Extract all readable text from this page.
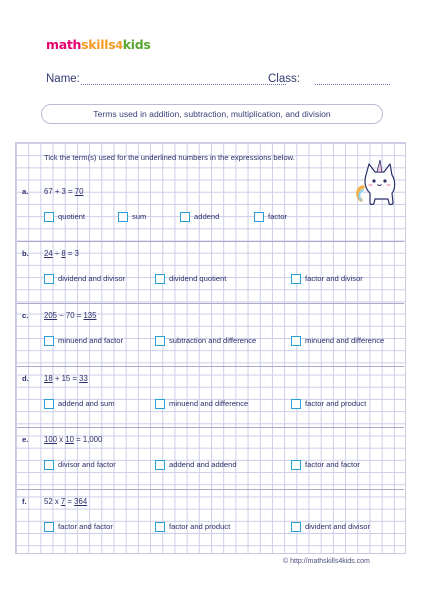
mathskills4kids
Name:	Class:
Terms used in addition, subtraction, multiplication, and division
Tick the term(s) used for the underlined numbers in the expressions below.
a. 67 + 3 = 70
quotient	sum	addend	factor
b. 24 ÷ 8 = 3
dividend and divisor	dividend quotient	factor and divisor
c. 205 − 70 = 135
minuend and factor	subtraction and difference	minuend and difference
d. 18 + 15 = 33
addend and sum	minuend and difference	factor and product
e. 100 x 10 = 1,000
divisor and factor	addend and addend	factor and factor
f. 52 x 7 = 364
factor and factor	factor and product	divident and divisor
© http://mathskills4kids.com
